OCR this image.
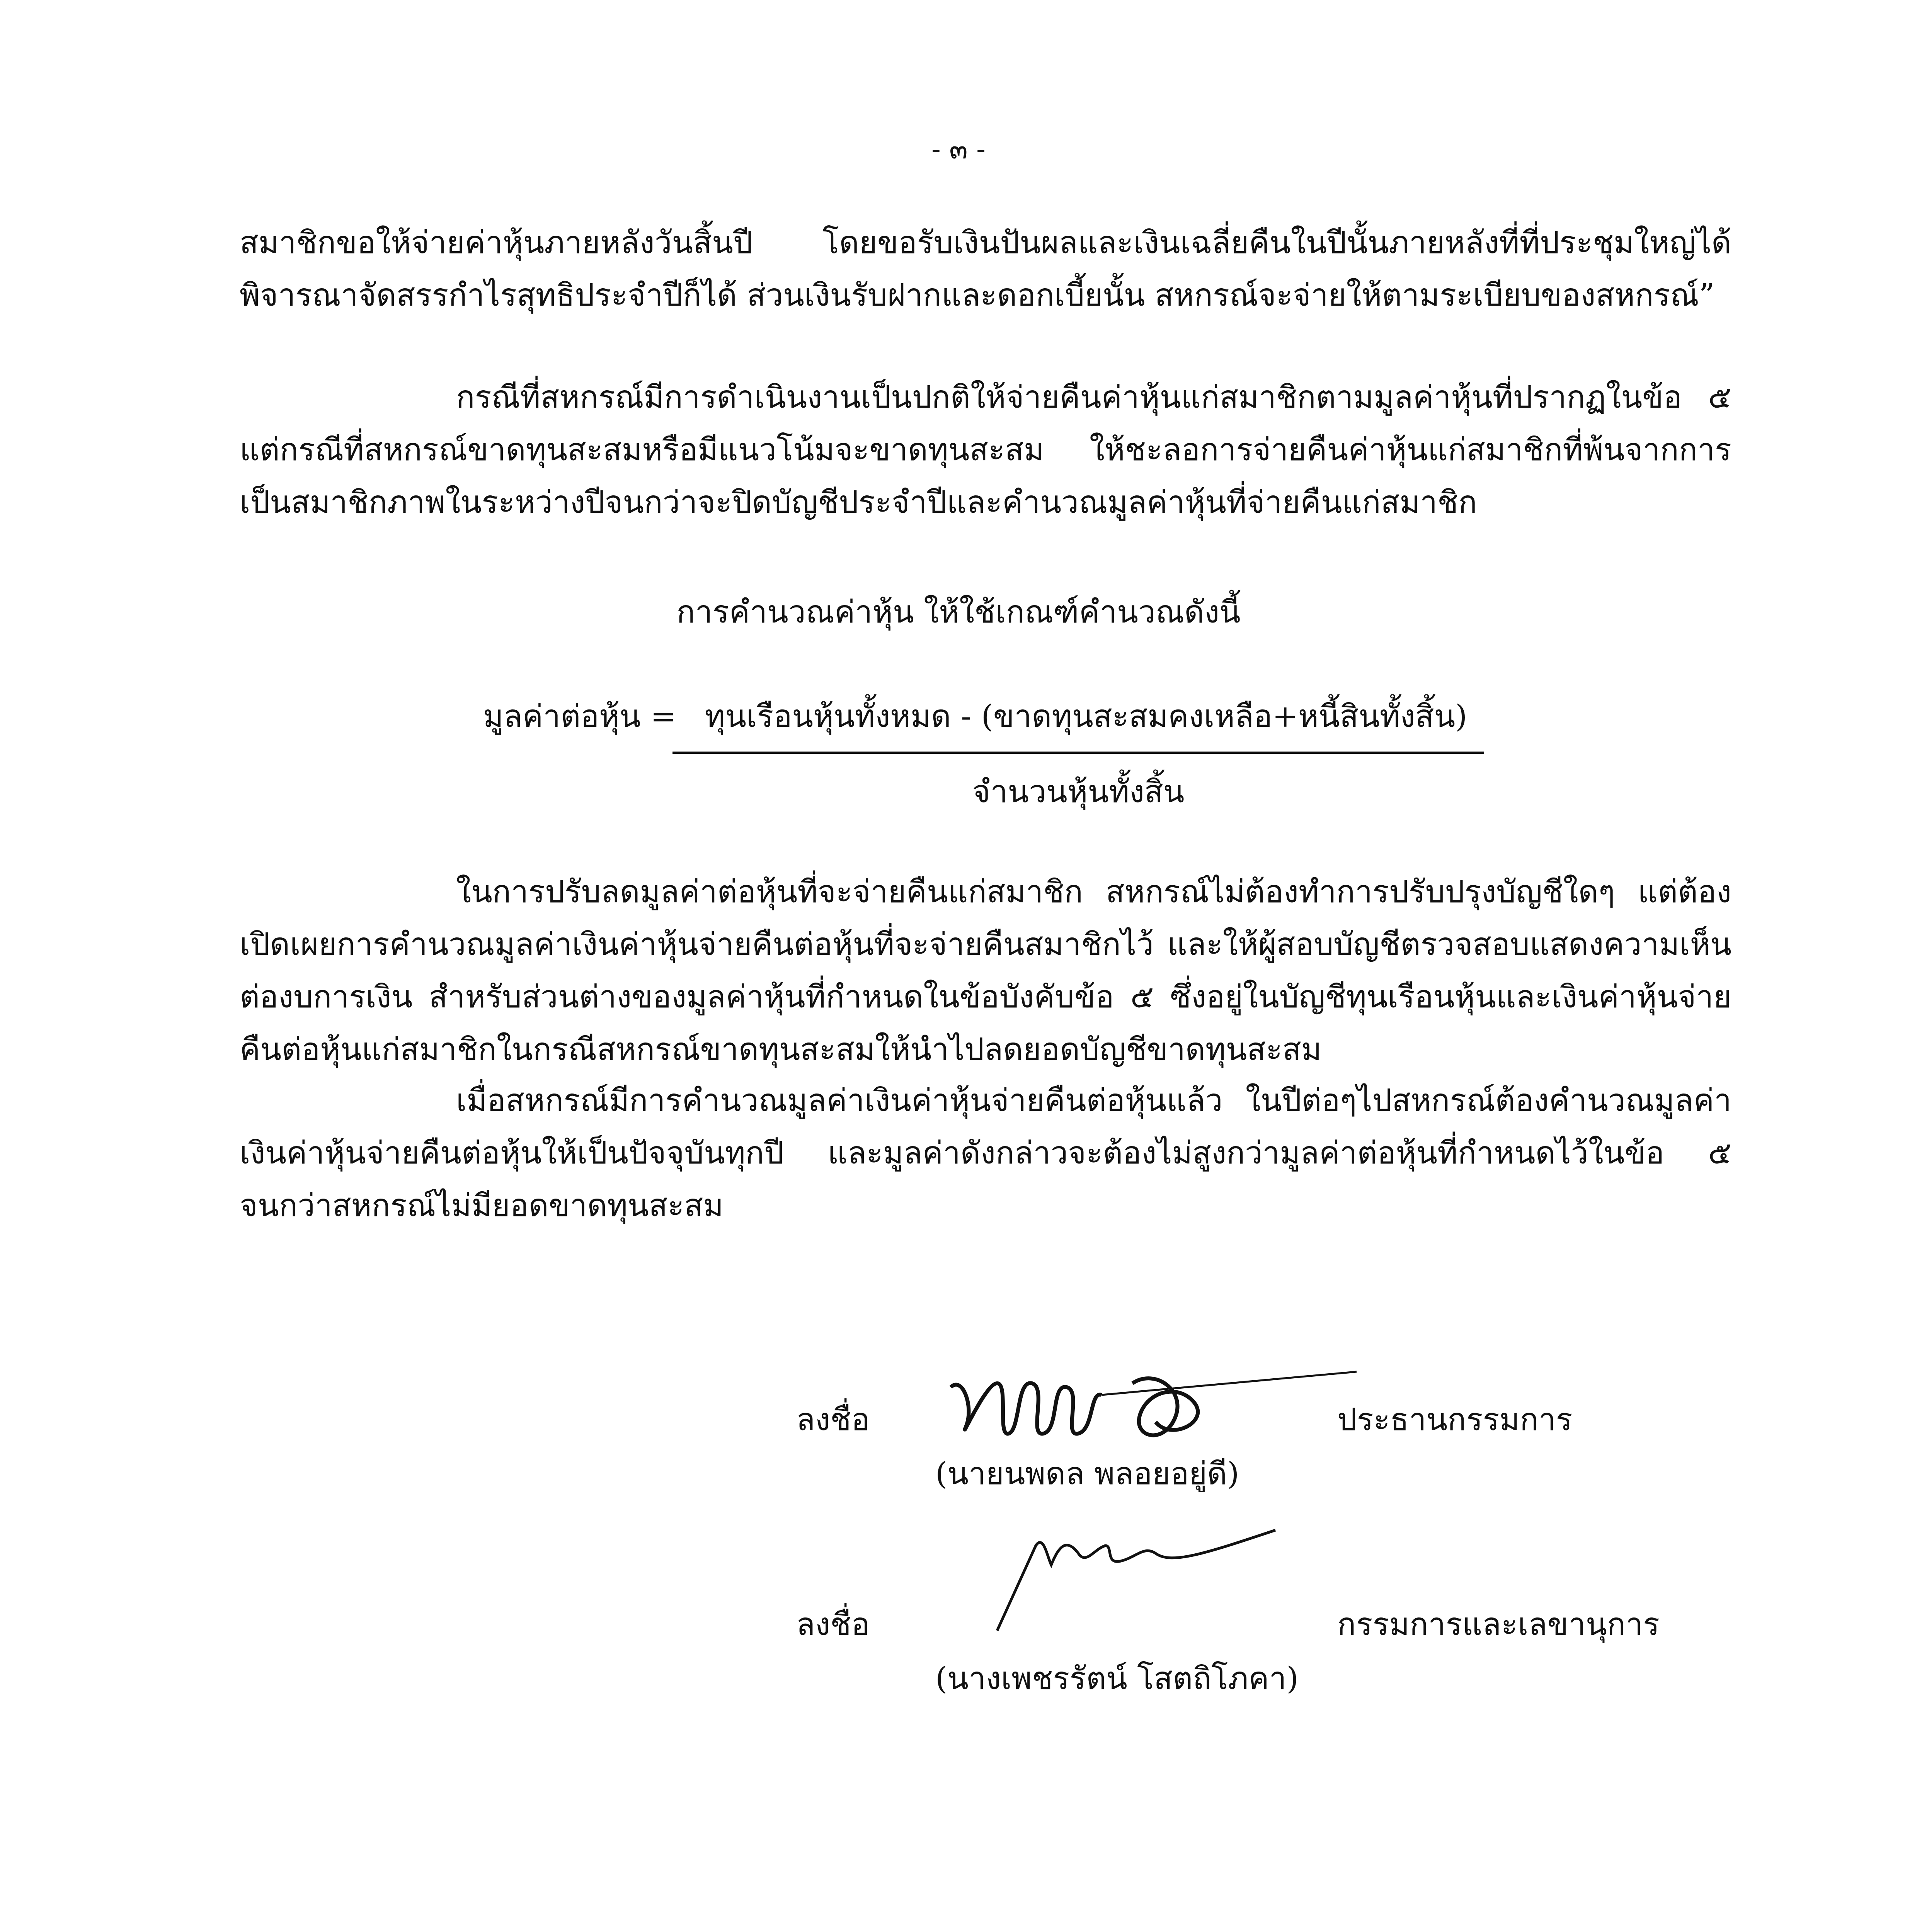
- ๓ -
สมาชิกขอให้จ่ายค่าหุ้นภายหลังวันสิ้นปี โดยขอรับเงินปันผลและเงินเฉลี่ยคืนในปีนั้นภายหลังที่ที่ประชุมใหญ่ได้พิจารณาจัดสรรกำไรสุทธิประจำปีก็ได้ ส่วนเงินรับฝากและดอกเบี้ยนั้น สหกรณ์จะจ่ายให้ตามระเบียบของสหกรณ์”
กรณีที่สหกรณ์มีการดำเนินงานเป็นปกติให้จ่ายคืนค่าหุ้นแก่สมาชิกตามมูลค่าหุ้นที่ปรากฏในข้อ ๕ แต่กรณีที่สหกรณ์ขาดทุนสะสมหรือมีแนวโน้มจะขาดทุนสะสม ให้ชะลอการจ่ายคืนค่าหุ้นแก่สมาชิกที่พ้นจากการเป็นสมาชิกภาพในระหว่างปีจนกว่าจะปิดบัญชีประจำปีและคำนวณมูลค่าหุ้นที่จ่ายคืนแก่สมาชิก
การคำนวณค่าหุ้น ให้ใช้เกณฑ์คำนวณดังนี้
มูลค่าต่อหุ้น = ทุนเรือนหุ้นทั้งหมด - (ขาดทุนสะสมคงเหลือ+หนี้สินทั้งสิ้น)
จำนวนหุ้นทั้งสิ้น
ในการปรับลดมูลค่าต่อหุ้นที่จะจ่ายคืนแก่สมาชิก สหกรณ์ไม่ต้องทำการปรับปรุงบัญชีใดๆ แต่ต้องเปิดเผยการคำนวณมูลค่าเงินค่าหุ้นจ่ายคืนต่อหุ้นที่จะจ่ายคืนสมาชิกไว้ และให้ผู้สอบบัญชีตรวจสอบแสดงความเห็นต่องบการเงิน สำหรับส่วนต่างของมูลค่าหุ้นที่กำหนดในข้อบังคับข้อ ๕ ซึ่งอยู่ในบัญชีทุนเรือนหุ้นและเงินค่าหุ้นจ่ายคืนต่อหุ้นแก่สมาชิกในกรณีสหกรณ์ขาดทุนสะสมให้นำไปลดยอดบัญชีขาดทุนสะสม
เมื่อสหกรณ์มีการคำนวณมูลค่าเงินค่าหุ้นจ่ายคืนต่อหุ้นแล้ว ในปีต่อๆไปสหกรณ์ต้องคำนวณมูลค่าเงินค่าหุ้นจ่ายคืนต่อหุ้นให้เป็นปัจจุบันทุกปี และมูลค่าดังกล่าวจะต้องไม่สูงกว่ามูลค่าต่อหุ้นที่กำหนดไว้ในข้อ ๕ จนกว่าสหกรณ์ไม่มียอดขาดทุนสะสม
ลงชื่อ	ประธานกรรมการ
(นายนพดล พลอยอยู่ดี)
ลงชื่อ	กรรมการและเลขานุการ
(นางเพชรรัตน์ โสตถิโภคา)
